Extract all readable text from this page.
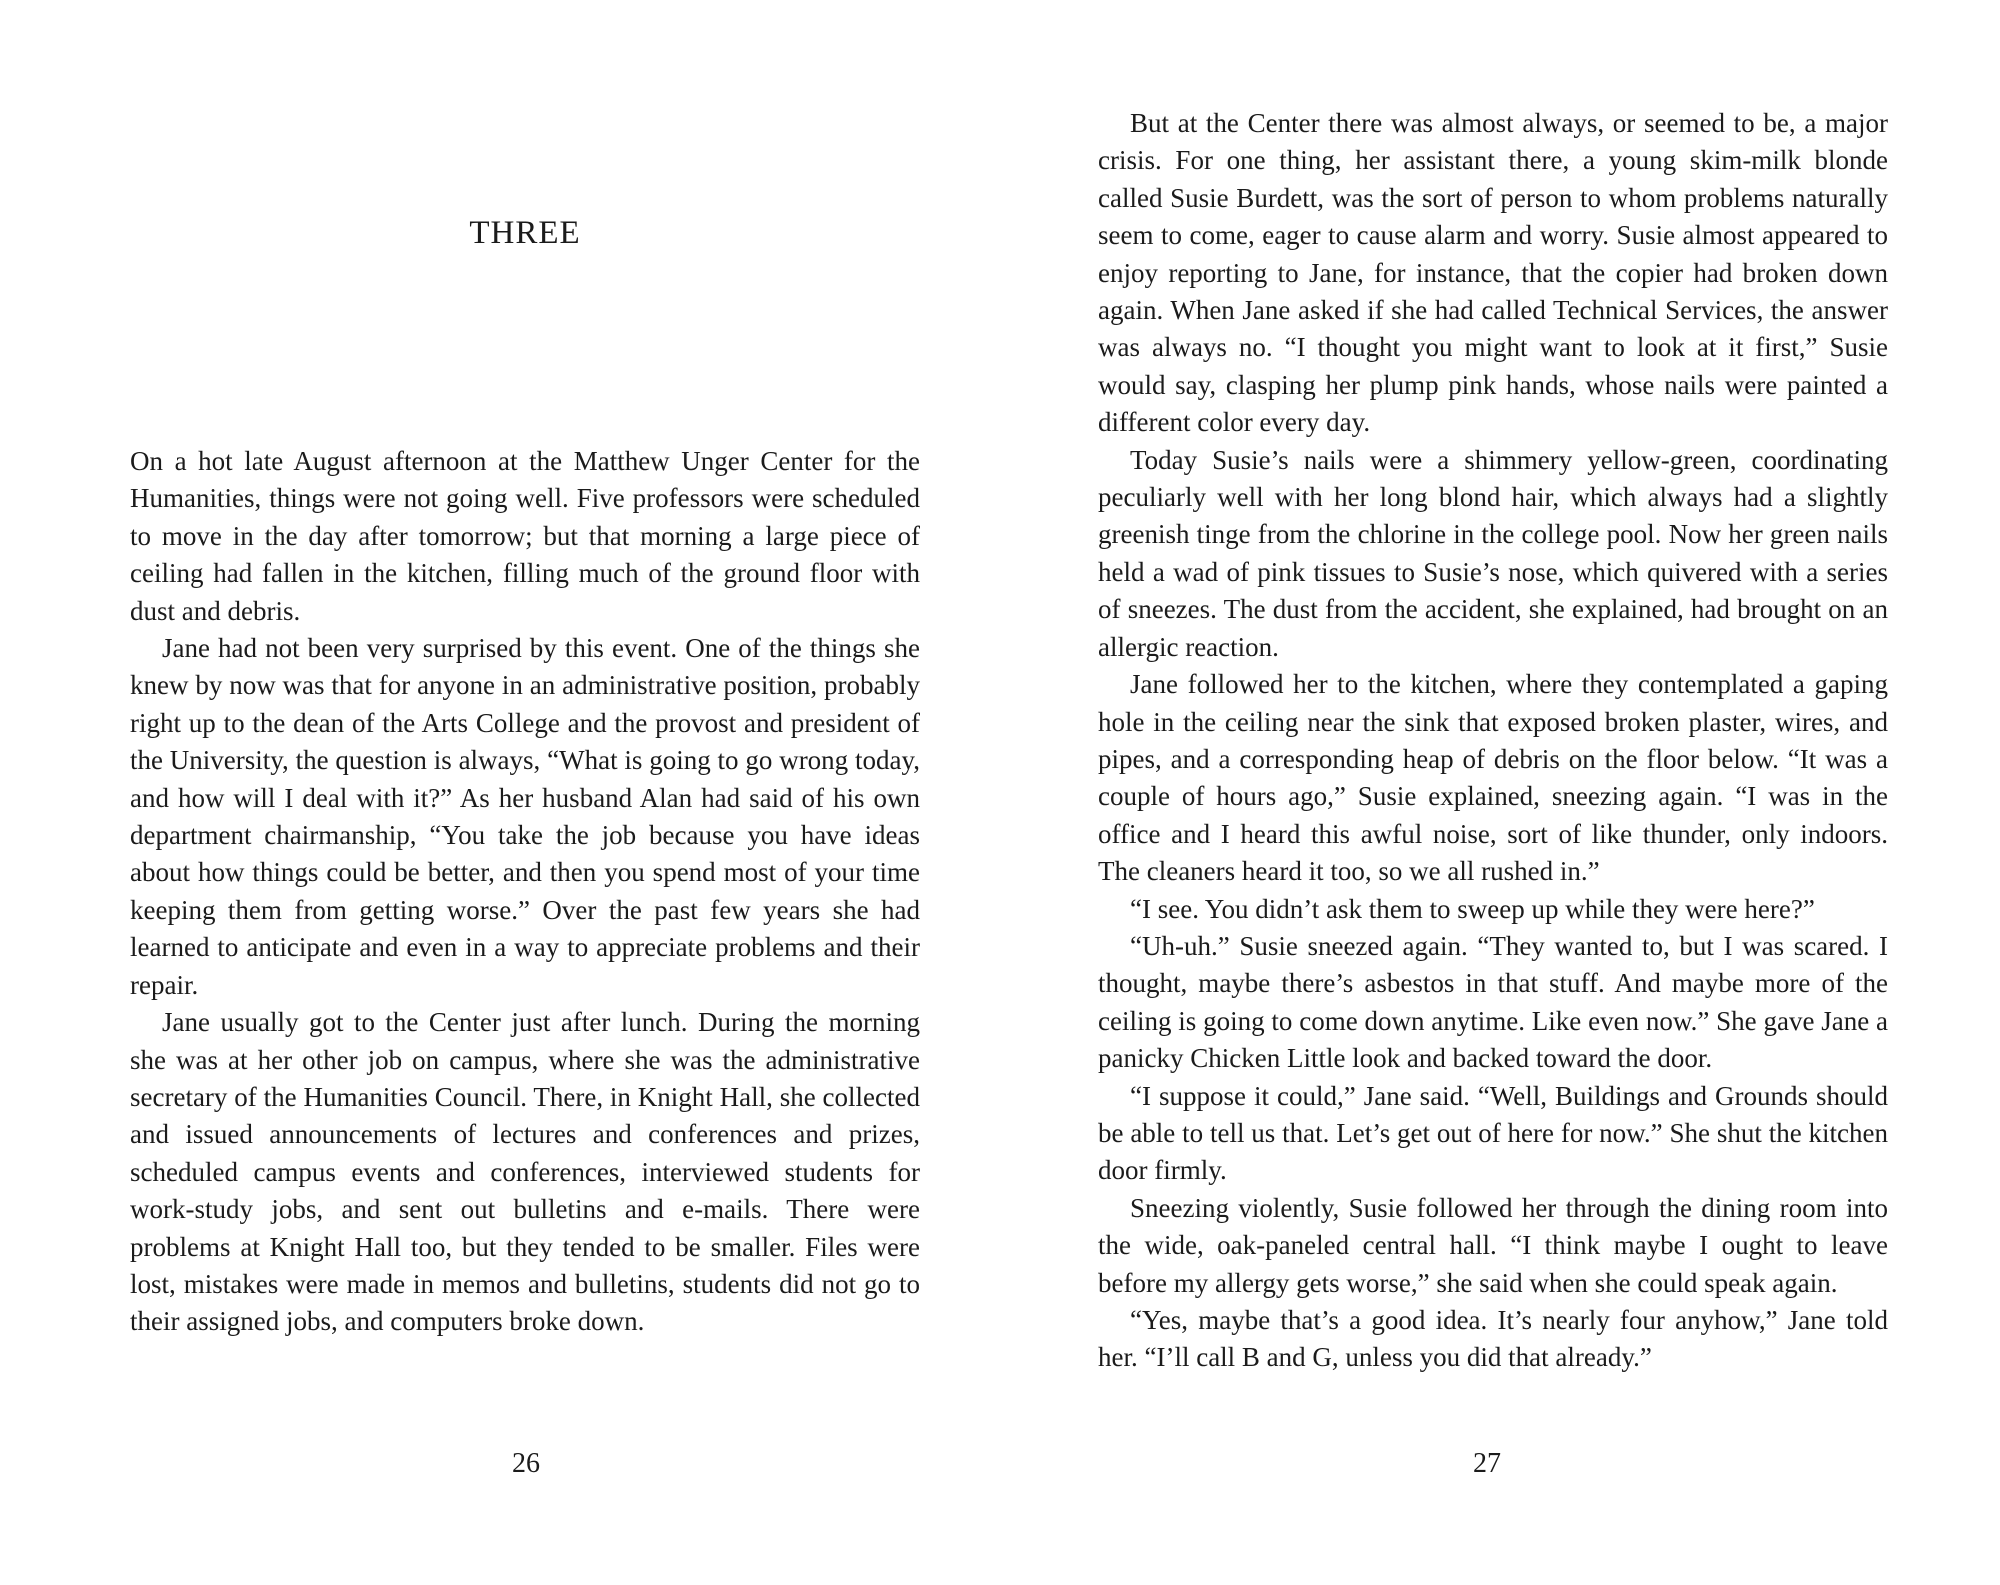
THREE

On a hot late August afternoon at the Matthew Unger Center for the Humanities, things were not going well. Five professors were scheduled to move in the day after tomorrow; but that morning a large piece of ceiling had fallen in the kitchen, filling much of the ground floor with dust and debris.

Jane had not been very surprised by this event. One of the things she knew by now was that for anyone in an administrative position, probably right up to the dean of the Arts College and the provost and president of the University, the question is always, “What is going to go wrong today, and how will I deal with it?” As her husband Alan had said of his own department chairmanship, “You take the job because you have ideas about how things could be better, and then you spend most of your time keeping them from getting worse.” Over the past few years she had learned to anticipate and even in a way to appreciate problems and their repair.

Jane usually got to the Center just after lunch. During the morning she was at her other job on campus, where she was the administrative secretary of the Humanities Council. There, in Knight Hall, she collected and issued announcements of lectures and conferences and prizes, scheduled campus events and conferences, interviewed students for work-study jobs, and sent out bulletins and e-mails. There were problems at Knight Hall too, but they tended to be smaller. Files were lost, mistakes were made in memos and bulletins, students did not go to their assigned jobs, and computers broke down.

26

But at the Center there was almost always, or seemed to be, a major crisis. For one thing, her assistant there, a young skim-milk blonde called Susie Burdett, was the sort of person to whom problems naturally seem to come, eager to cause alarm and worry. Susie almost appeared to enjoy reporting to Jane, for instance, that the copier had broken down again. When Jane asked if she had called Technical Services, the answer was always no. “I thought you might want to look at it first,” Susie would say, clasping her plump pink hands, whose nails were painted a different color every day.

Today Susie’s nails were a shimmery yellow-green, coordinating peculiarly well with her long blond hair, which always had a slightly greenish tinge from the chlorine in the college pool. Now her green nails held a wad of pink tissues to Susie’s nose, which quivered with a series of sneezes. The dust from the accident, she explained, had brought on an allergic reaction.

Jane followed her to the kitchen, where they contemplated a gaping hole in the ceiling near the sink that exposed broken plaster, wires, and pipes, and a corresponding heap of debris on the floor below. “It was a couple of hours ago,” Susie explained, sneezing again. “I was in the office and I heard this awful noise, sort of like thunder, only indoors. The cleaners heard it too, so we all rushed in.”

“I see. You didn’t ask them to sweep up while they were here?”

“Uh-uh.” Susie sneezed again. “They wanted to, but I was scared. I thought, maybe there’s asbestos in that stuff. And maybe more of the ceiling is going to come down anytime. Like even now.” She gave Jane a panicky Chicken Little look and backed toward the door.

“I suppose it could,” Jane said. “Well, Buildings and Grounds should be able to tell us that. Let’s get out of here for now.” She shut the kitchen door firmly.

Sneezing violently, Susie followed her through the dining room into the wide, oak-paneled central hall. “I think maybe I ought to leave before my allergy gets worse,” she said when she could speak again.

“Yes, maybe that’s a good idea. It’s nearly four anyhow,” Jane told her. “I’ll call B and G, unless you did that already.”

27
